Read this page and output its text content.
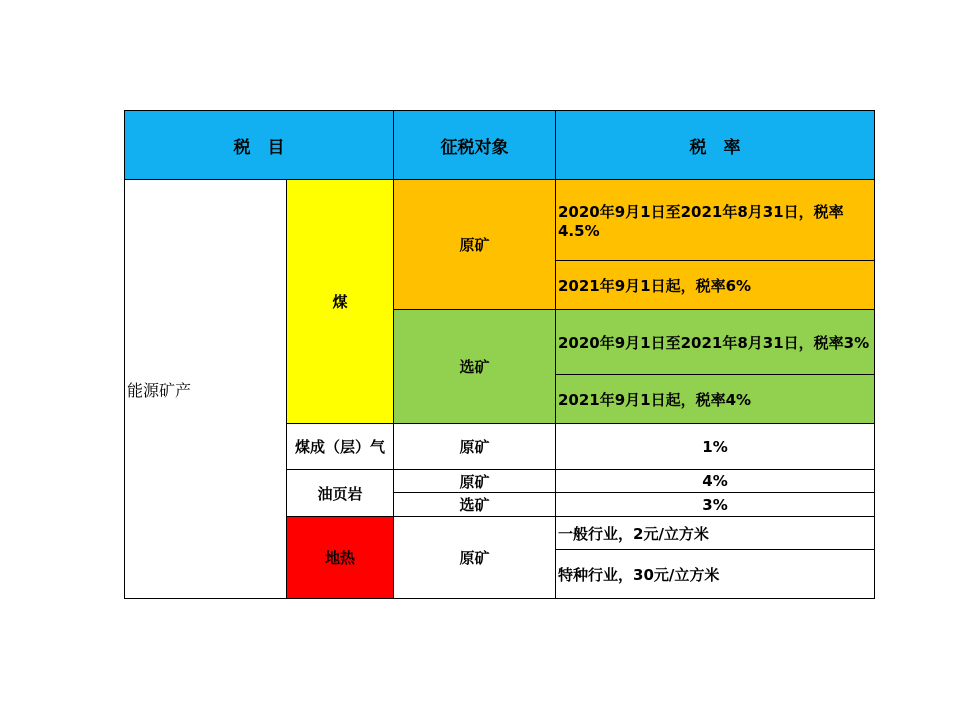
税　目		征税对象	税　率
能源矿产	煤	原矿	2020年9月1日至2021年8月31日，税率4.5%
			2021年9月1日起，税率6%
		选矿	2020年9月1日至2021年8月31日，税率3%
			2021年9月1日起，税率4%
	煤成（层）气	原矿	1%
	油页岩	原矿	4%
		选矿	3%
	地热	原矿	一般行业，2元/立方米
			特种行业，30元/立方米
